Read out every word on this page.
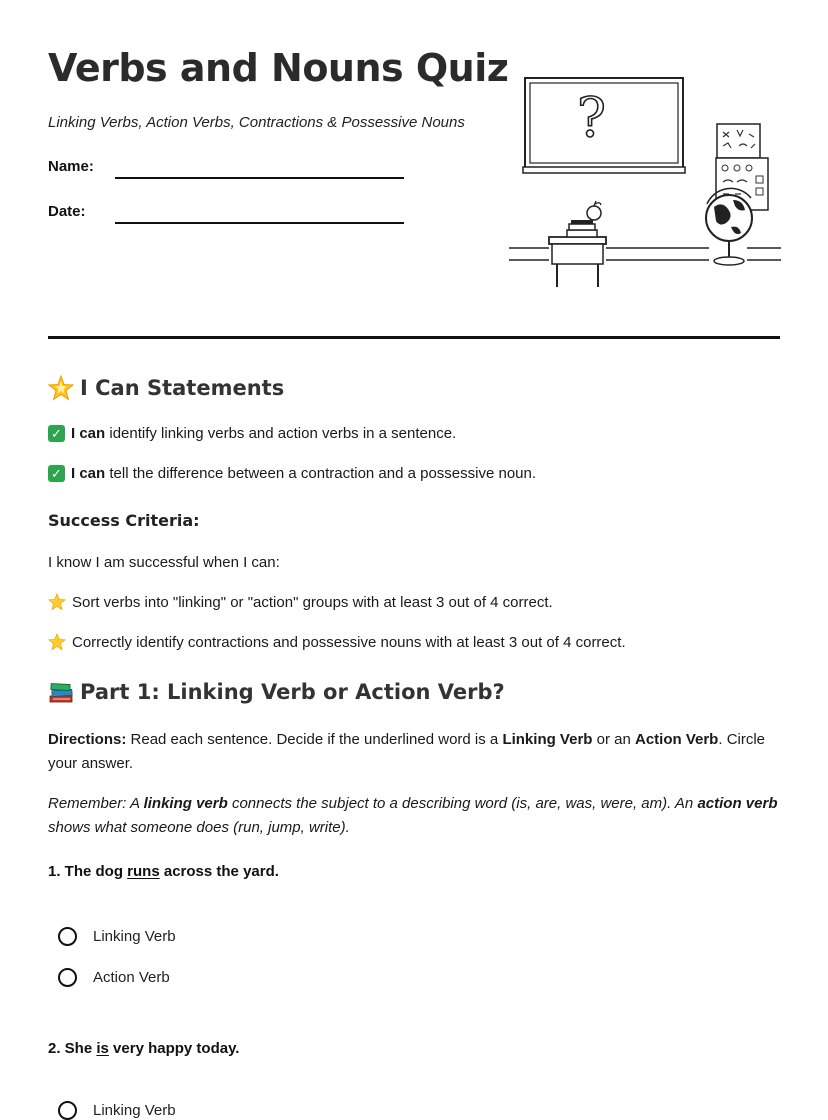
Verbs and Nouns Quiz
Linking Verbs, Action Verbs, Contractions & Possessive Nouns
Name:
Date:
?
I Can Statements
✓ I can
identify linking verbs and action verbs in a sentence.
✓ I can
tell the difference between a contraction and a possessive noun.
Success Criteria:
I know I am successful when I can:
Sort verbs into "linking" or "action" groups with at least 3 out of 4 correct.
Correctly identify contractions and possessive nouns with at least 3 out of 4 correct.
Part 1: Linking Verb or Action Verb?
Directions: Read each sentence. Decide if the underlined word is a Linking Verb or an Action Verb. Circle your answer.
Remember: A linking verb connects the subject to a describing word (is, are, was, were, am). An action verb shows what someone does (run, jump, write).
1. The dog runs across the yard.
Linking Verb
Action Verb
2. She is very happy today.
Linking Verb
